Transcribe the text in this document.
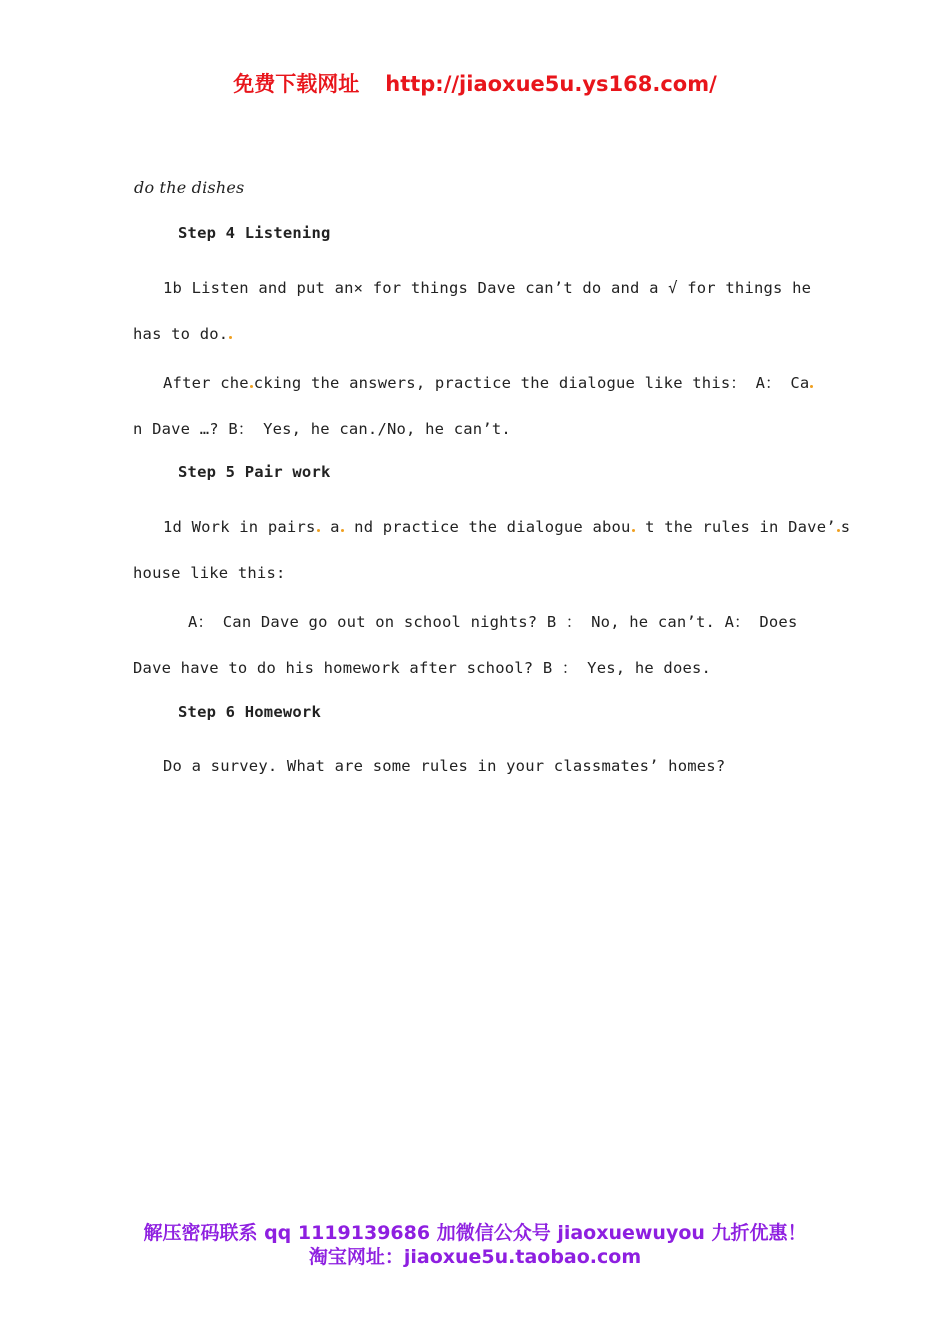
免费下载网址 http://jiaoxue5u.ys168.com/
do the dishes
Step 4 Listening
1b Listen and put an× for things Dave can’t do and a √ for things he
has to do.
After che cking the answers, practice the dialogue like this： A： Ca
n Dave …? B： Yes, he can./No, he can’t.
Step 5 Pair work
1d Work in pairs a nd practice the dialogue abou t the rules in Dave’ s
house like this:
A： Can Dave go out on school nights? B ： No, he can’t. A： Does
Dave have to do his homework after school? B ： Yes, he does.
Step 6 Homework
Do a survey. What are some rules in your classmates’ homes?
解压密码联系 qq 1119139686 加微信公众号 jiaoxuewuyou 九折优惠！
淘宝网址：jiaoxue5u.taobao.com
